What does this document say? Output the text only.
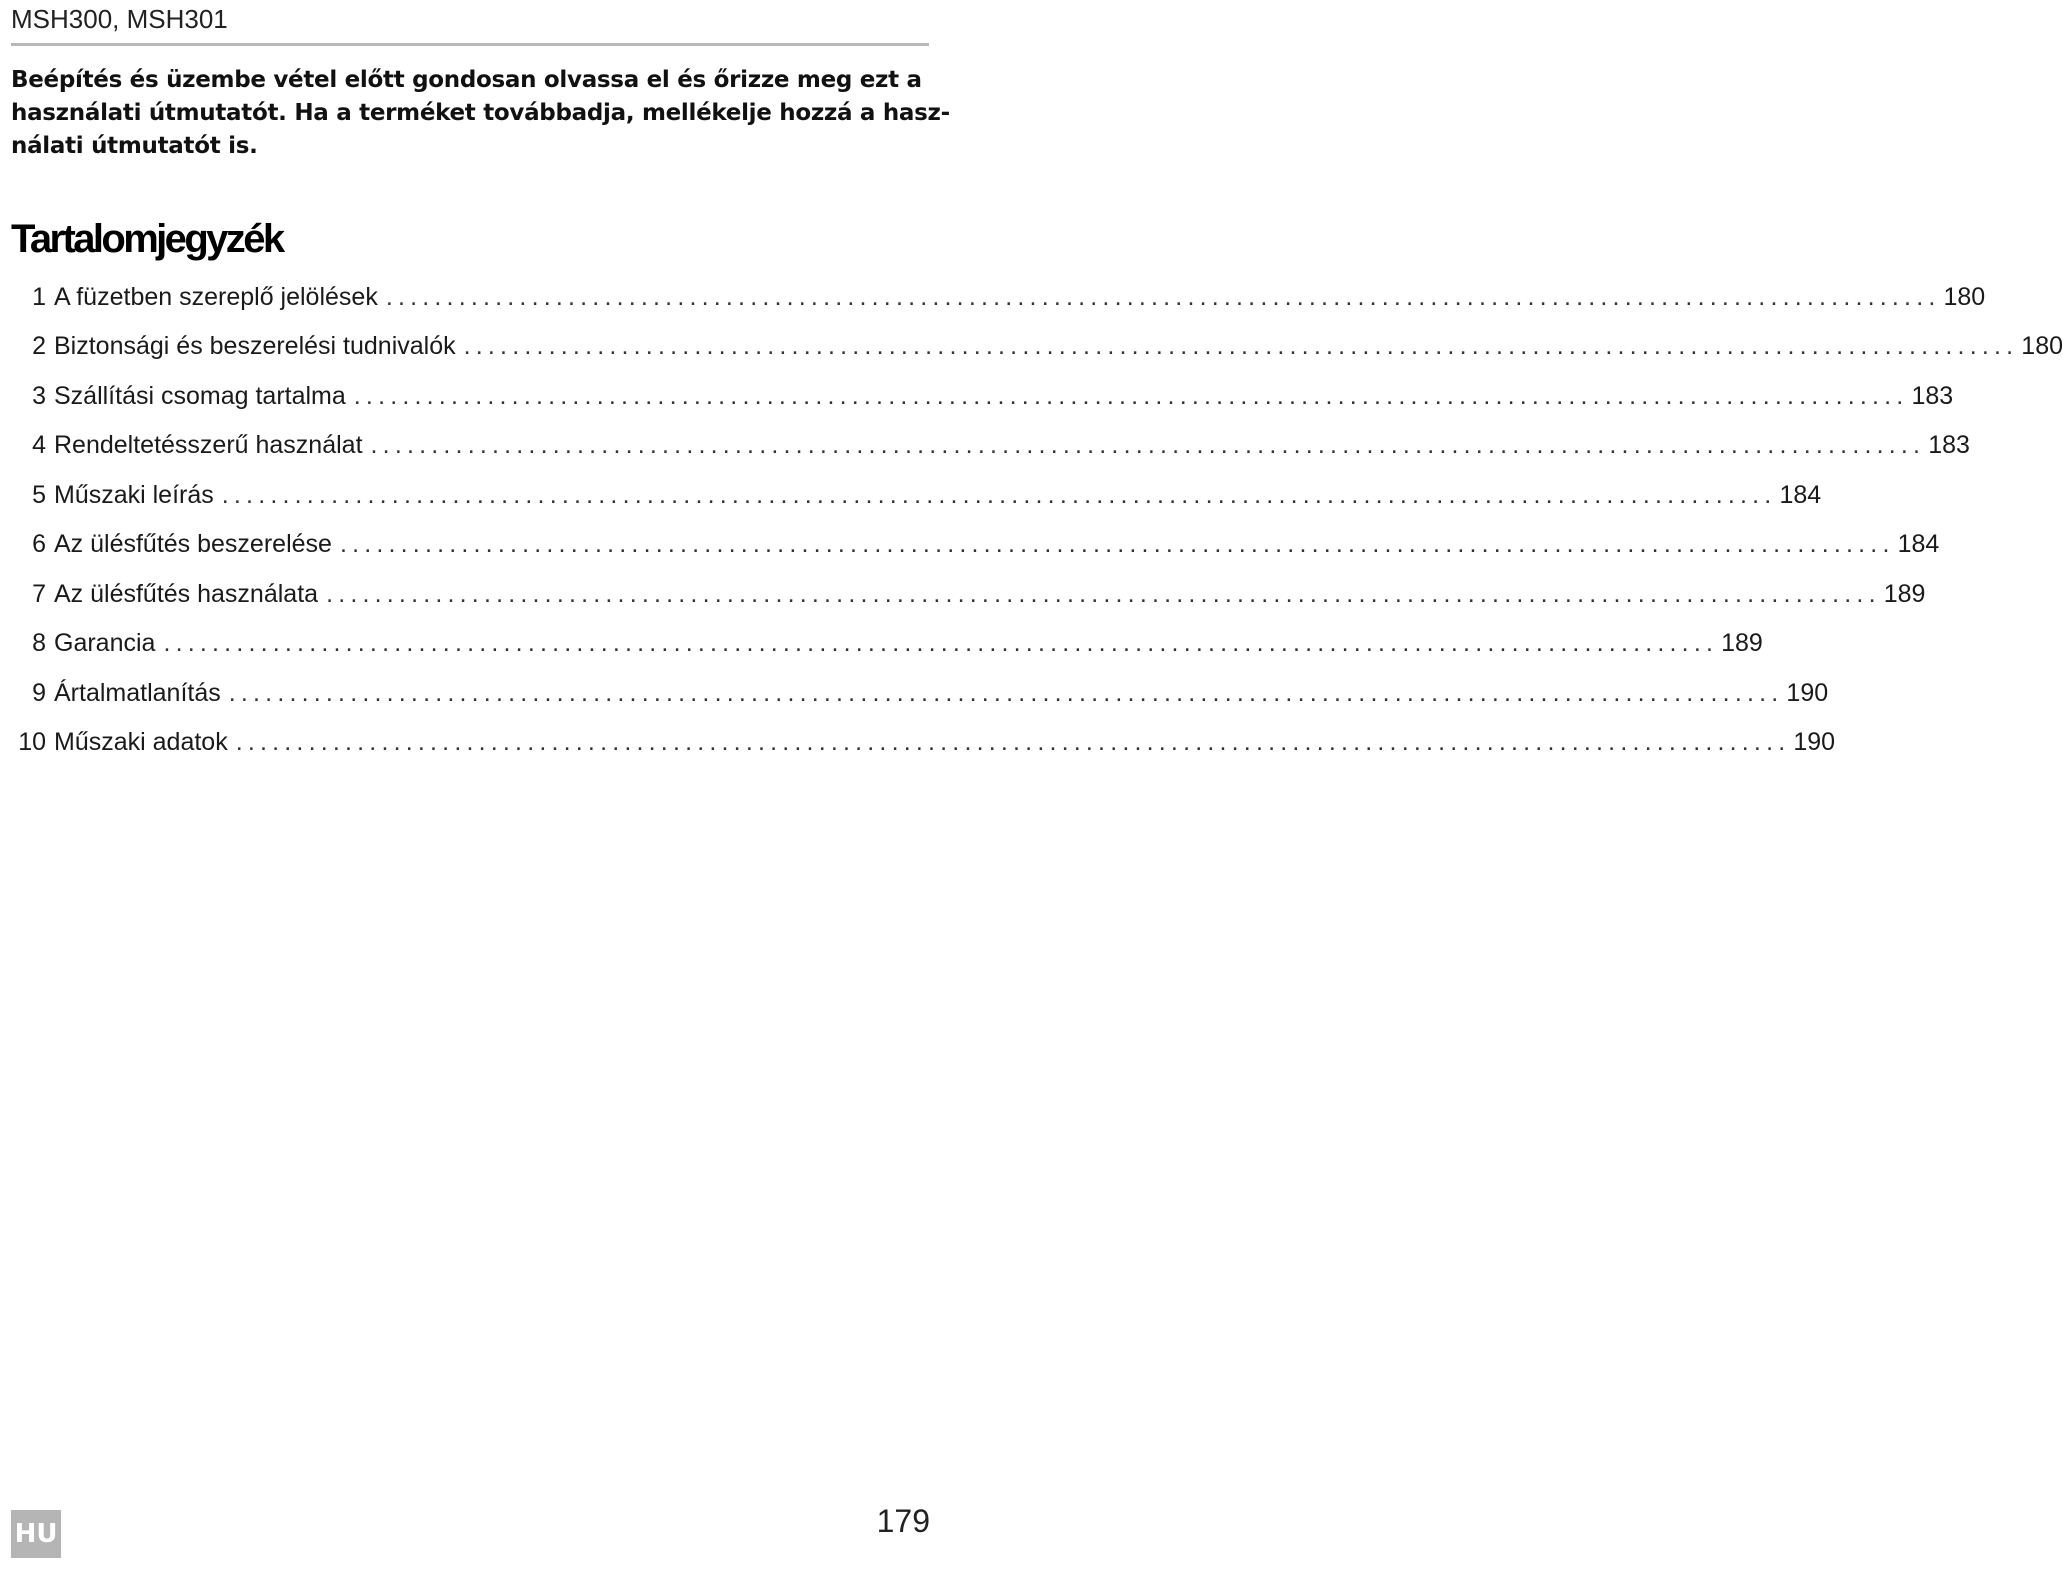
MSH300, MSH301

Beépítés és üzembe vétel előtt gondosan olvassa el és őrizze meg ezt a
használati útmutatót. Ha a terméket továbbadja, mellékelje hozzá a hasz-
nálati útmutatót is.

Tartalomjegyzék
1 A füzetben szereplő jelölések ................................................................................................................................ 180
2 Biztonsági és beszerelési tudnivalók ................................................................................................................................ 180
3 Szállítási csomag tartalma ................................................................................................................................ 183
4 Rendeltetésszerű használat ................................................................................................................................ 183
5 Műszaki leírás ................................................................................................................................ 184
6 Az ülésfűtés beszerelése ................................................................................................................................ 184
7 Az ülésfűtés használata ................................................................................................................................ 189
8 Garancia ................................................................................................................................ 189
9 Ártalmatlanítás ................................................................................................................................ 190
10 Műszaki adatok ................................................................................................................................ 190
HU	179
